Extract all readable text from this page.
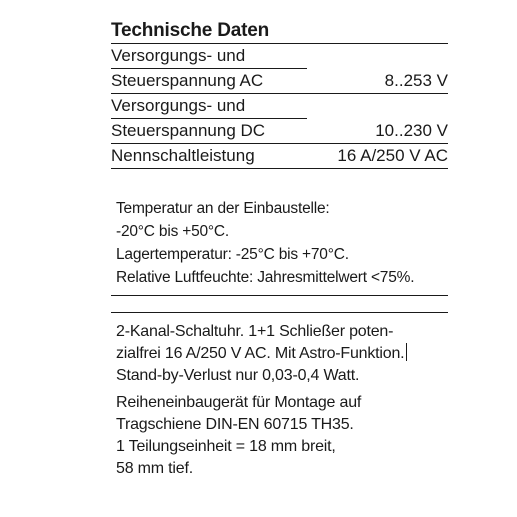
Technische Daten
Versorgungs- und
Steuerspannung AC	8..253 V

Versorgungs- und
Steuerspannung DC	10..230 V

Nennschaltleistung	16 A/250 V AC
Temperatur an der Einbaustelle:
-20°C bis +50°C.
Lagertemperatur: -25°C bis +70°C.
Relative Luftfeuchte: Jahresmittelwert <75%.
2-Kanal-Schaltuhr. 1+1 Schließer poten-
zialfrei 16 A/250 V AC. Mit Astro-Funktion.
Stand-by-Verlust nur 0,03-0,4 Watt.
Reiheneinbaugerät für Montage auf
Tragschiene DIN-EN 60715 TH35.
1 Teilungseinheit = 18 mm breit,
58 mm tief.
